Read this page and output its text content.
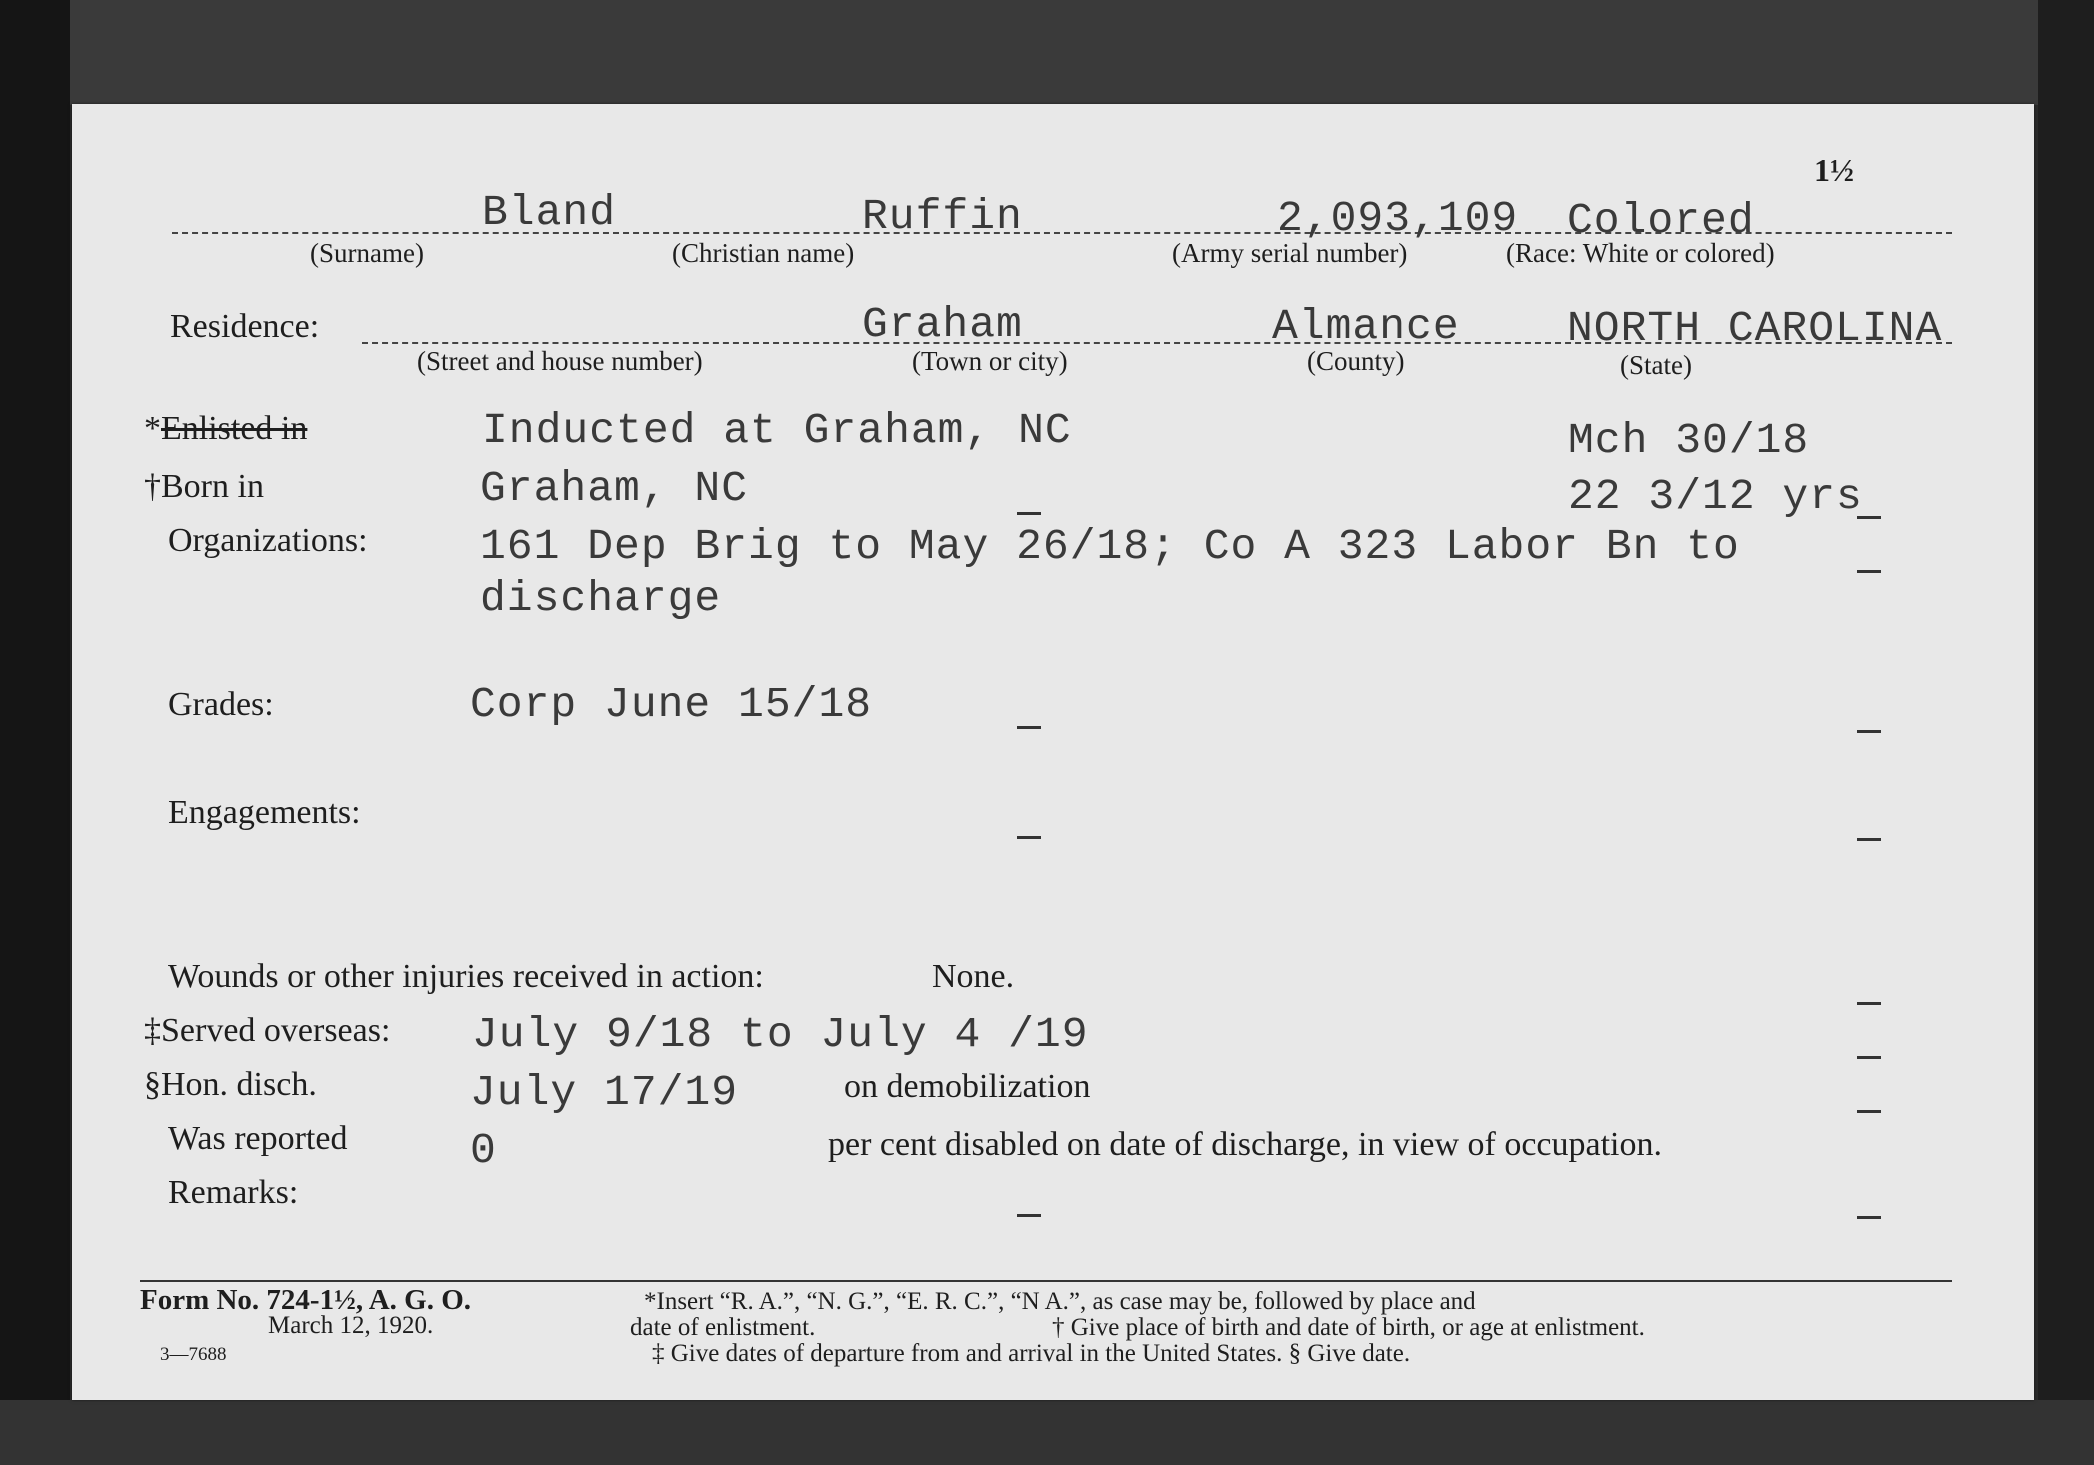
1½
Bland	Ruffin	2,093,109 Colored
(Surname)	(Christian name)	(Army serial number)	(Race: White or colored)
Residence:	Graham	Almance NORTH CAROLINA
(Street and house number)	(Town or city)	(County)	(State)
*Enlisted in	Inducted at Graham, NC	Mch 30/18
†Born in	Graham, NC	22 3/12 yrs
Organizations:	161 Dep Brig to May 26/18; Co A 323 Labor Bn to
discharge
Grades:	Corp June 15/18
Engagements:
Wounds or other injuries received in action:	None.
‡Served overseas: July 9/18 to July 4 /19
§Hon. disch.	July 17/19	on demobilization
Was reported	0	per cent disabled on date of discharge, in view of occupation.
Remarks:
Form No. 724-1½, A. G. O.
March 12, 1920.
3—7688
*Insert “R. A.”, “N. G.”, “E. R. C.”, “N A.”, as case may be, followed by place and
date of enlistment.	† Give place of birth and date of birth, or age at enlistment.
‡ Give dates of departure from and arrival in the United States. § Give date.
